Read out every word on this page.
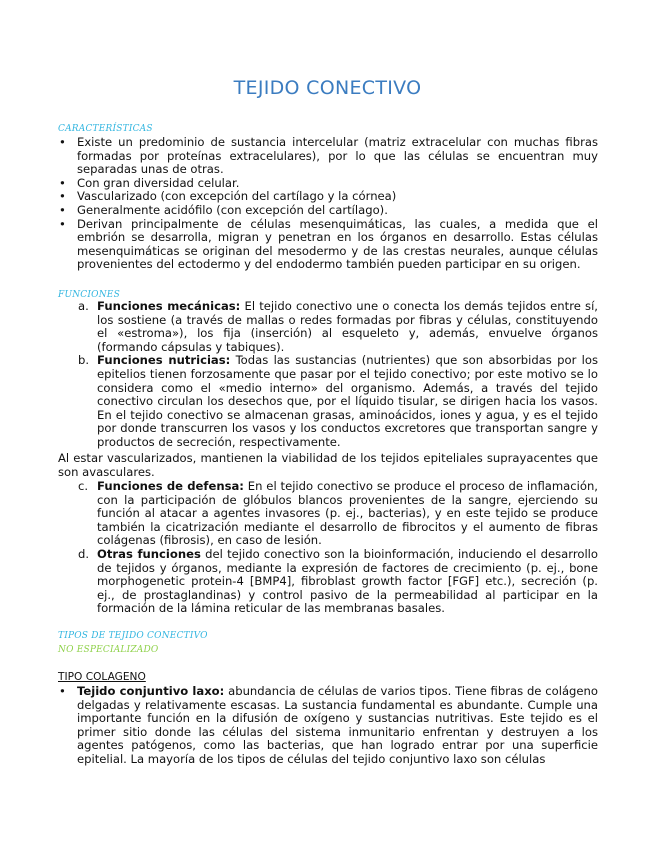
TEJIDO CONECTIVO
CARACTERÍSTICAS
• Existe un predominio de sustancia intercelular (matriz extracelular con muchas fibras formadas por proteínas extracelulares), por lo que las células se encuentran muy separadas unas de otras.
• Con gran diversidad celular.
• Vascularizado (con excepción del cartílago y la córnea)
• Generalmente acidófilo (con excepción del cartílago).
• Derivan principalmente de células mesenquimáticas, las cuales, a medida que el embrión se desarrolla, migran y penetran en los órganos en desarrollo. Estas células mesenquimáticas se originan del mesodermo y de las crestas neurales, aunque células provenientes del ectodermo y del endodermo también pueden participar en su origen.
FUNCIONES
a. Funciones mecánicas: El tejido conectivo une o conecta los demás tejidos entre sí, los sostiene (a través de mallas o redes formadas por fibras y células, constituyendo el «estroma»), los fija (inserción) al esqueleto y, además, envuelve órganos (formando cápsulas y tabiques).
b. Funciones nutricias: Todas las sustancias (nutrientes) que son absorbidas por los epitelios tienen forzosamente que pasar por el tejido conectivo; por este motivo se lo considera como el «medio interno» del organismo. Además, a través del tejido conectivo circulan los desechos que, por el líquido tisular, se dirigen hacia los vasos. En el tejido conectivo se almacenan grasas, aminoácidos, iones y agua, y es el tejido por donde transcurren los vasos y los conductos excretores que transportan sangre y productos de secreción, respectivamente.

Al estar vascularizados, mantienen la viabilidad de los tejidos epiteliales suprayacentes que son avasculares.

c. Funciones de defensa: En el tejido conectivo se produce el proceso de inflamación, con la participación de glóbulos blancos provenientes de la sangre, ejerciendo su función al atacar a agentes invasores (p. ej., bacterias), y en este tejido se produce también la cicatrización mediante el desarrollo de fibrocitos y el aumento de fibras colágenas (fibrosis), en caso de lesión.
d. Otras funciones del tejido conectivo son la bioinformación, induciendo el desarrollo de tejidos y órganos, mediante la expresión de factores de crecimiento (p. ej., bone morphogenetic protein-4 [BMP4], fibroblast growth factor [FGF] etc.), secreción (p. ej., de prostaglandinas) y control pasivo de la permeabilidad al participar en la formación de la lámina reticular de las membranas basales.
TIPOS DE TEJIDO CONECTIVO
NO ESPECIALIZADO
TIPO COLAGENO
• Tejido conjuntivo laxo: abundancia de células de varios tipos. Tiene fibras de colágeno delgadas y relativamente escasas. La sustancia fundamental es abundante. Cumple una importante función en la difusión de oxígeno y sustancias nutritivas. Este tejido es el primer sitio donde las células del sistema inmunitario enfrentan y destruyen a los agentes patógenos, como las bacterias, que han logrado entrar por una superficie epitelial. La mayoría de los tipos de células del tejido conjuntivo laxo son células
